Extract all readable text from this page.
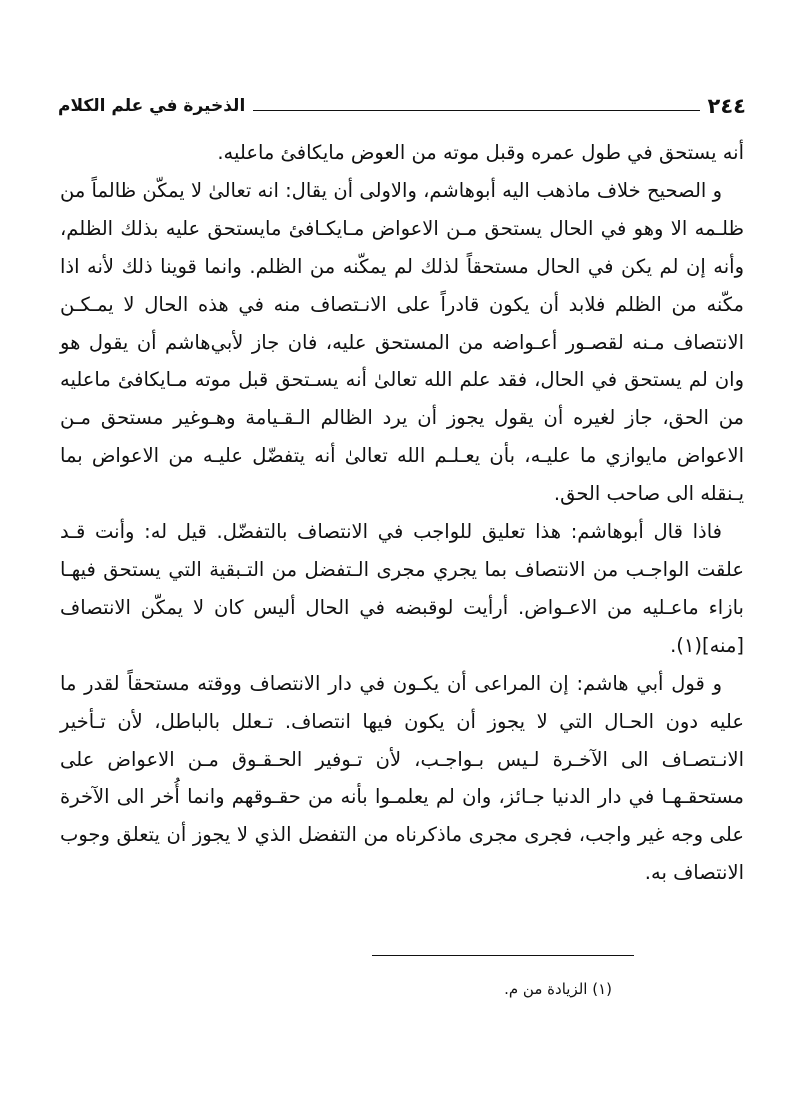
٢٤٤
الذخيرة في علم الكلام

أنه يستحق في طول عمره وقبل موته من العوض مايكافئ ماعليه.

و الصحيح خلاف ماذهب اليه أبوهاشم، والاولى أن يقال: انه تعالىٰ لا يمكّن ظالماً من ظلـمه الا وهو في الحال يستحق مـن الاعواض مـايكـافئ مايستحق عليه بذلك الظلم، وأنه إن لم يكن في الحال مستحقاً لذلك لم يمكّنه من الظلم. وانما قوينا ذلك لأنه اذا مكّنه من الظلم فلابد أن يكون قادراً على الانـتصاف منه في هذه الحال لا يمـكـن الانتصاف مـنه لقصـور أعـواضه من المستحق عليه، فان جاز لأبي‌هاشم أن يقول هو وان لم يستحق في الحال، فقد علم الله تعالىٰ أنه يسـتحق قبل موته مـايكافئ ماعليه من الحق، جاز لغيره أن يقول يجوز أن يرد الظالم الـقـيامة وهـوغير مستحق مـن الاعواض مايوازي ما عليـه، بأن يعـلـم الله تعالىٰ أنه يتفضّل عليـه من الاعواض بما يـنقله الى صاحب الحق.

فاذا قال أبوهاشم: هذا تعليق للواجب في الانتصاف بالتفضّل. قيل له: وأنت قـد علقت الواجـب من الانتصاف بما يجري مجرى الـتفضل من التـبقية التي يستحق فيهـا بازاء ماعـليه من الاعـواض. أرأيت لوقبضه في الحال أليس كان لا يمكّن الانتصاف [منه](١).

و قول أبي هاشم: إن المراعى أن يكـون في دار الانتصاف ووقته مستحقاً لقدر ما عليه دون الحـال التي لا يجوز أن يكون فيها انتصاف. تـعلل بالباطل، لأن تـأخير الانـتصـاف الى الآخـرة لـيس بـواجـب، لأن تـوفير الحـقـوق مـن الاعواض على مستحقـهـا في دار الدنيا جـائز، وان لم يعلمـوا بأنه من حقـوقهم وانما أُخر الى الآخرة على وجه غير واجب، فجرى مجرى ماذكرناه من التفضل الذي لا يجوز أن يتعلق وجوب الانتصاف به.

(١) الزيادة من م.
